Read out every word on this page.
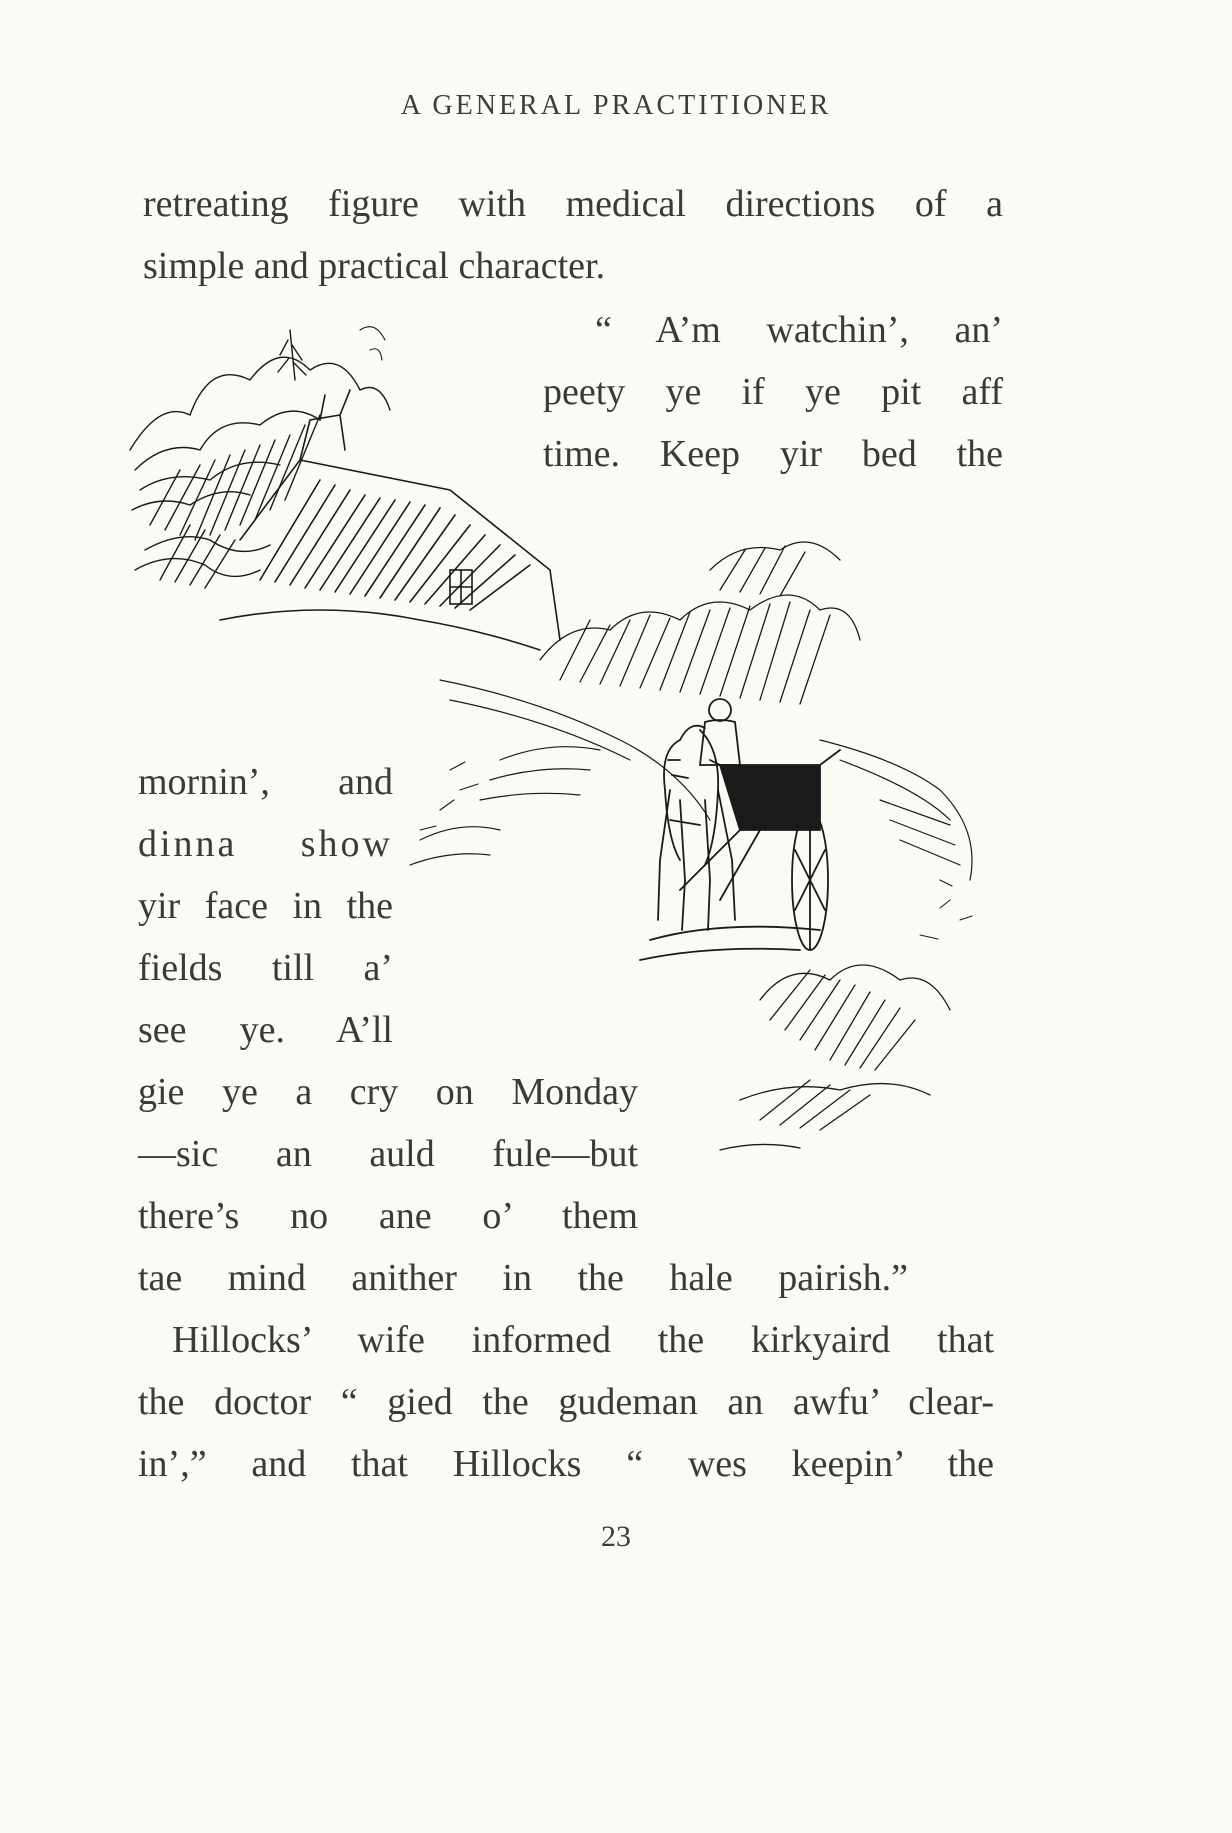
A GENERAL PRACTITIONER
retreating figure with medical directions of a
simple and practical character.
“ A’m watchin’, an’
peety ye if ye pit aff
time. Keep yir bed the
mornin’, and
dinna show
yir face in the
fields till a’
see ye. A’ll
gie ye a cry on Monday
—sic an auld fule—but
there’s no ane o’ them
tae mind anither in the hale pairish.”
Hillocks’ wife informed the kirkyaird that
the doctor “ gied the gudeman an awfu’ clear-
in’,” and that Hillocks “ wes keepin’ the
23
